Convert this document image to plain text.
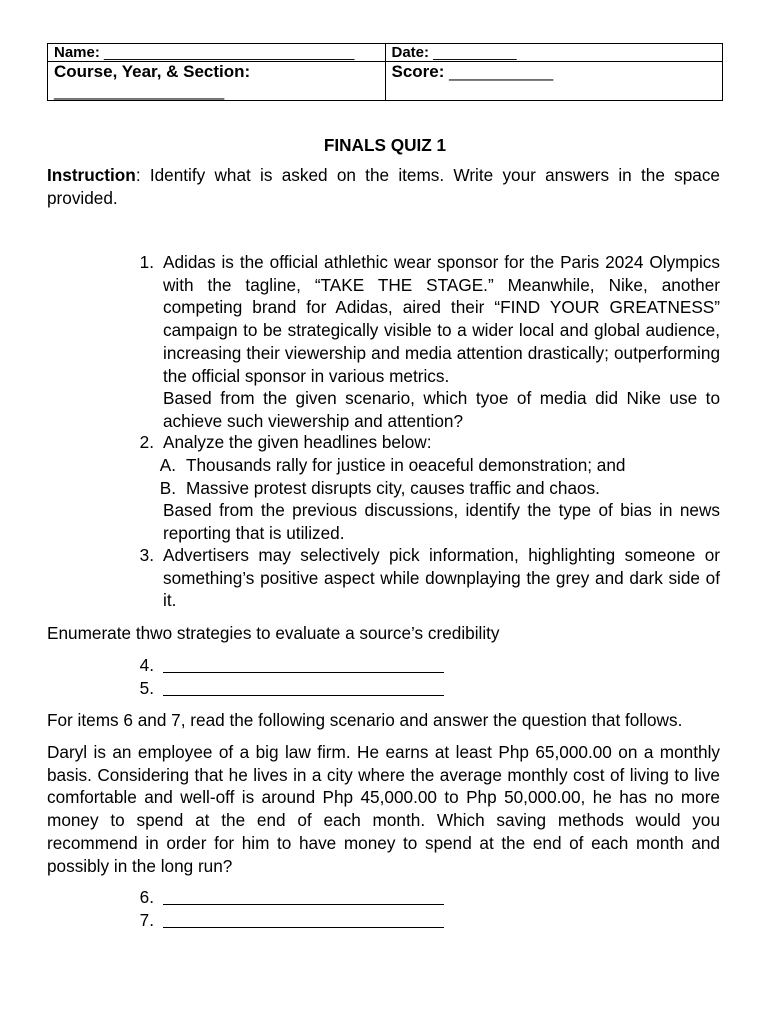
Name: ______________________________	Date: __________
Course, Year, & Section:
__________________	Score: ___________
FINALS QUIZ 1
Instruction: Identify what is asked on the items. Write your answers in the space provided.
1. Adidas is the official athlethic wear sponsor for the Paris 2024 Olympics with the tagline, “TAKE THE STAGE.” Meanwhile, Nike, another competing brand for Adidas, aired their “FIND YOUR GREATNESS” campaign to be strategically visible to a wider local and global audience, increasing their viewership and media attention drastically; outperforming the official sponsor in various metrics.

Based from the given scenario, which tyoe of media did Nike use to achieve such viewership and attention?

2. Analyze the given headlines below:

A. Thousands rally for justice in oeaceful demonstration; and
B. Massive protest disrupts city, causes traffic and chaos.

Based from the previous discussions, identify the type of bias in news reporting that is utilized.

3. Advertisers may selectively pick information, highlighting someone or something’s positive aspect while downplaying the grey and dark side of it.

Enumerate thwo strategies to evaluate a source’s credibility
4.
5.
For items 6 and 7, read the following scenario and answer the question that follows.
Daryl is an employee of a big law firm. He earns at least Php 65,000.00 on a monthly basis. Considering that he lives in a city where the average monthly cost of living to live comfortable and well-off is around Php 45,000.00 to Php 50,000.00, he has no more money to spend at the end of each month. Which saving methods would you recommend in order for him to have money to spend at the end of each month and possibly in the long run?
6.
7.
